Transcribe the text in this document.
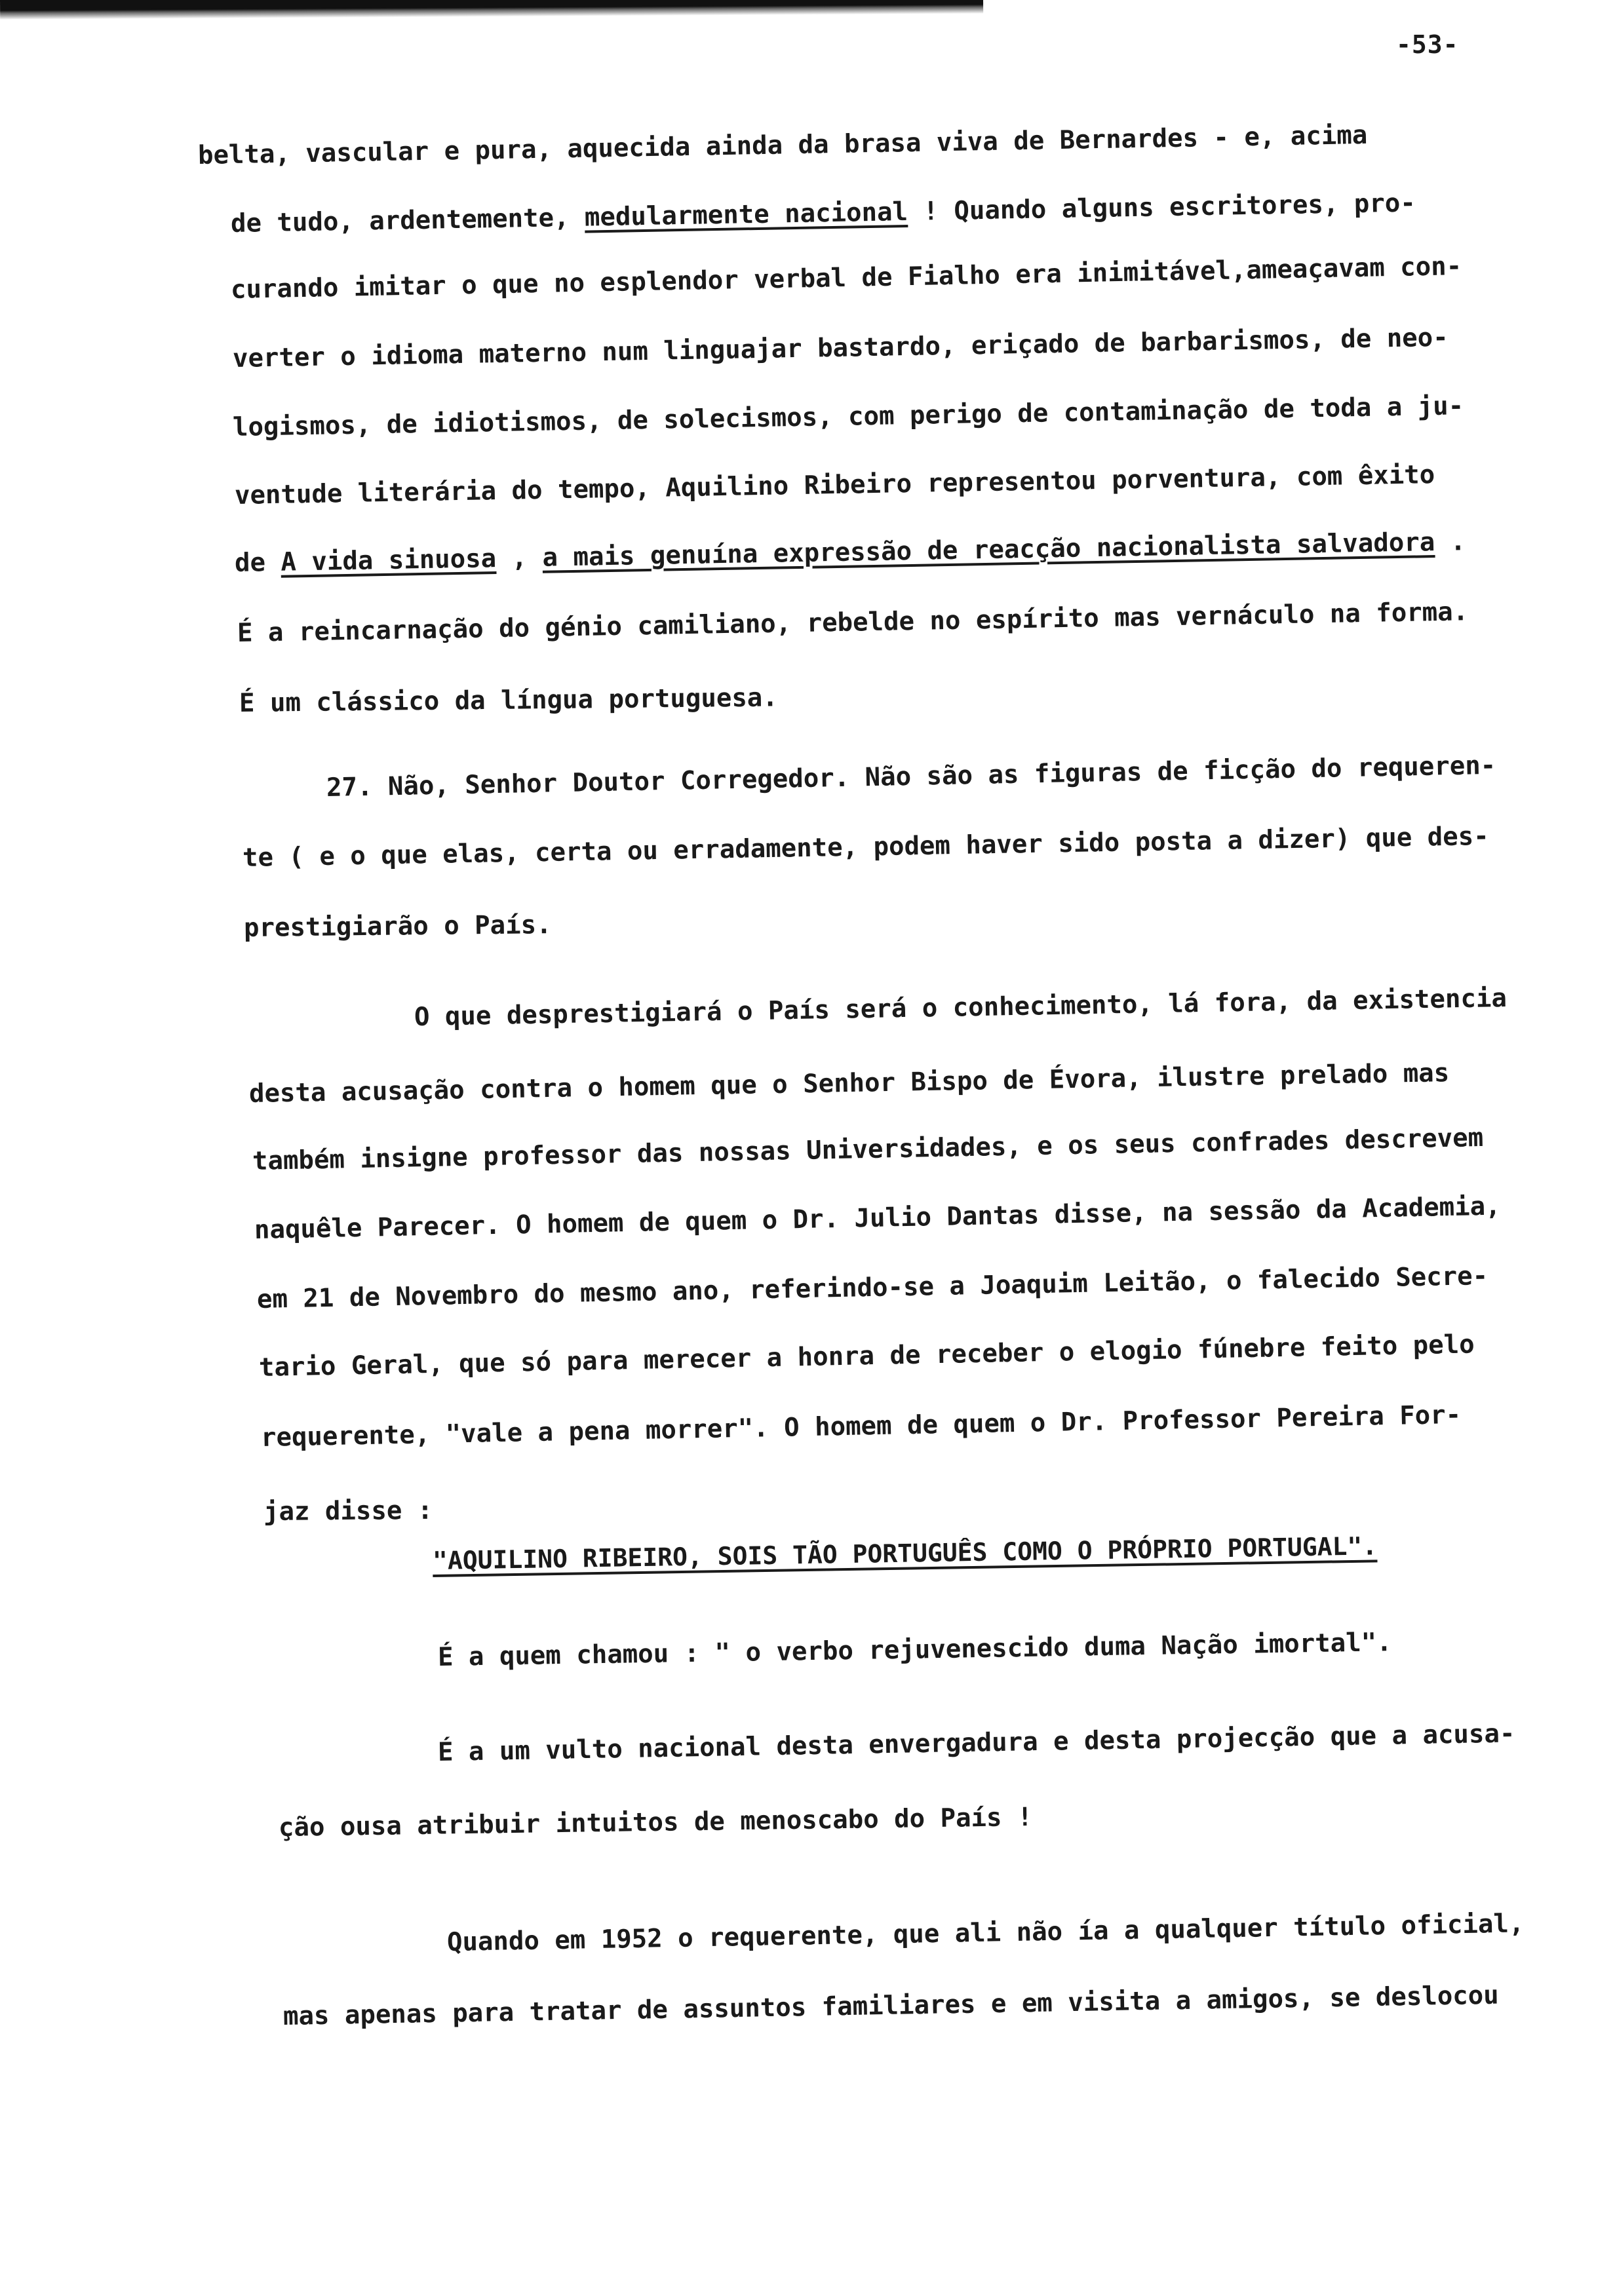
-53-
belta, vascular e pura, aquecida ainda da brasa viva de Bernardes - e, acima
de tudo, ardentemente, medularmente nacional ! Quando alguns escritores, pro-
curando imitar o que no esplendor verbal de Fialho era inimitável,ameaçavam con-
verter o idioma materno num linguajar bastardo, eriçado de barbarismos, de neo-
logismos, de idiotismos, de solecismos, com perigo de contaminação de toda a ju-
ventude literária do tempo, Aquilino Ribeiro representou porventura, com êxito
de A vida sinuosa , a mais genuína expressão de reacção nacionalista salvadora .
É a reincarnação do génio camiliano, rebelde no espírito mas vernáculo na forma.
É um clássico da língua portuguesa.
27. Não, Senhor Doutor Corregedor. Não são as figuras de ficção do requeren-
te ( e o que elas, certa ou erradamente, podem haver sido posta a dizer) que des-
prestigiarão o País.
O que desprestigiará o País será o conhecimento, lá fora, da existencia
desta acusação contra o homem que o Senhor Bispo de Évora, ilustre prelado mas
também insigne professor das nossas Universidades, e os seus confrades descrevem
naquêle Parecer. O homem de quem o Dr. Julio Dantas disse, na sessão da Academia,
em 21 de Novembro do mesmo ano, referindo-se a Joaquim Leitão, o falecido Secre-
tario Geral, que só para merecer a honra de receber o elogio fúnebre feito pelo
requerente, "vale a pena morrer". O homem de quem o Dr. Professor Pereira For-
jaz disse :
"AQUILINO RIBEIRO, SOIS TÃO PORTUGUÊS COMO O PRÓPRIO PORTUGAL".
É a quem chamou : " o verbo rejuvenescido duma Nação imortal".
É a um vulto nacional desta envergadura e desta projecção que a acusa-
ção ousa atribuir intuitos de menoscabo do País !
Quando em 1952 o requerente, que ali não ía a qualquer título oficial,
mas apenas para tratar de assuntos familiares e em visita a amigos, se deslocou
